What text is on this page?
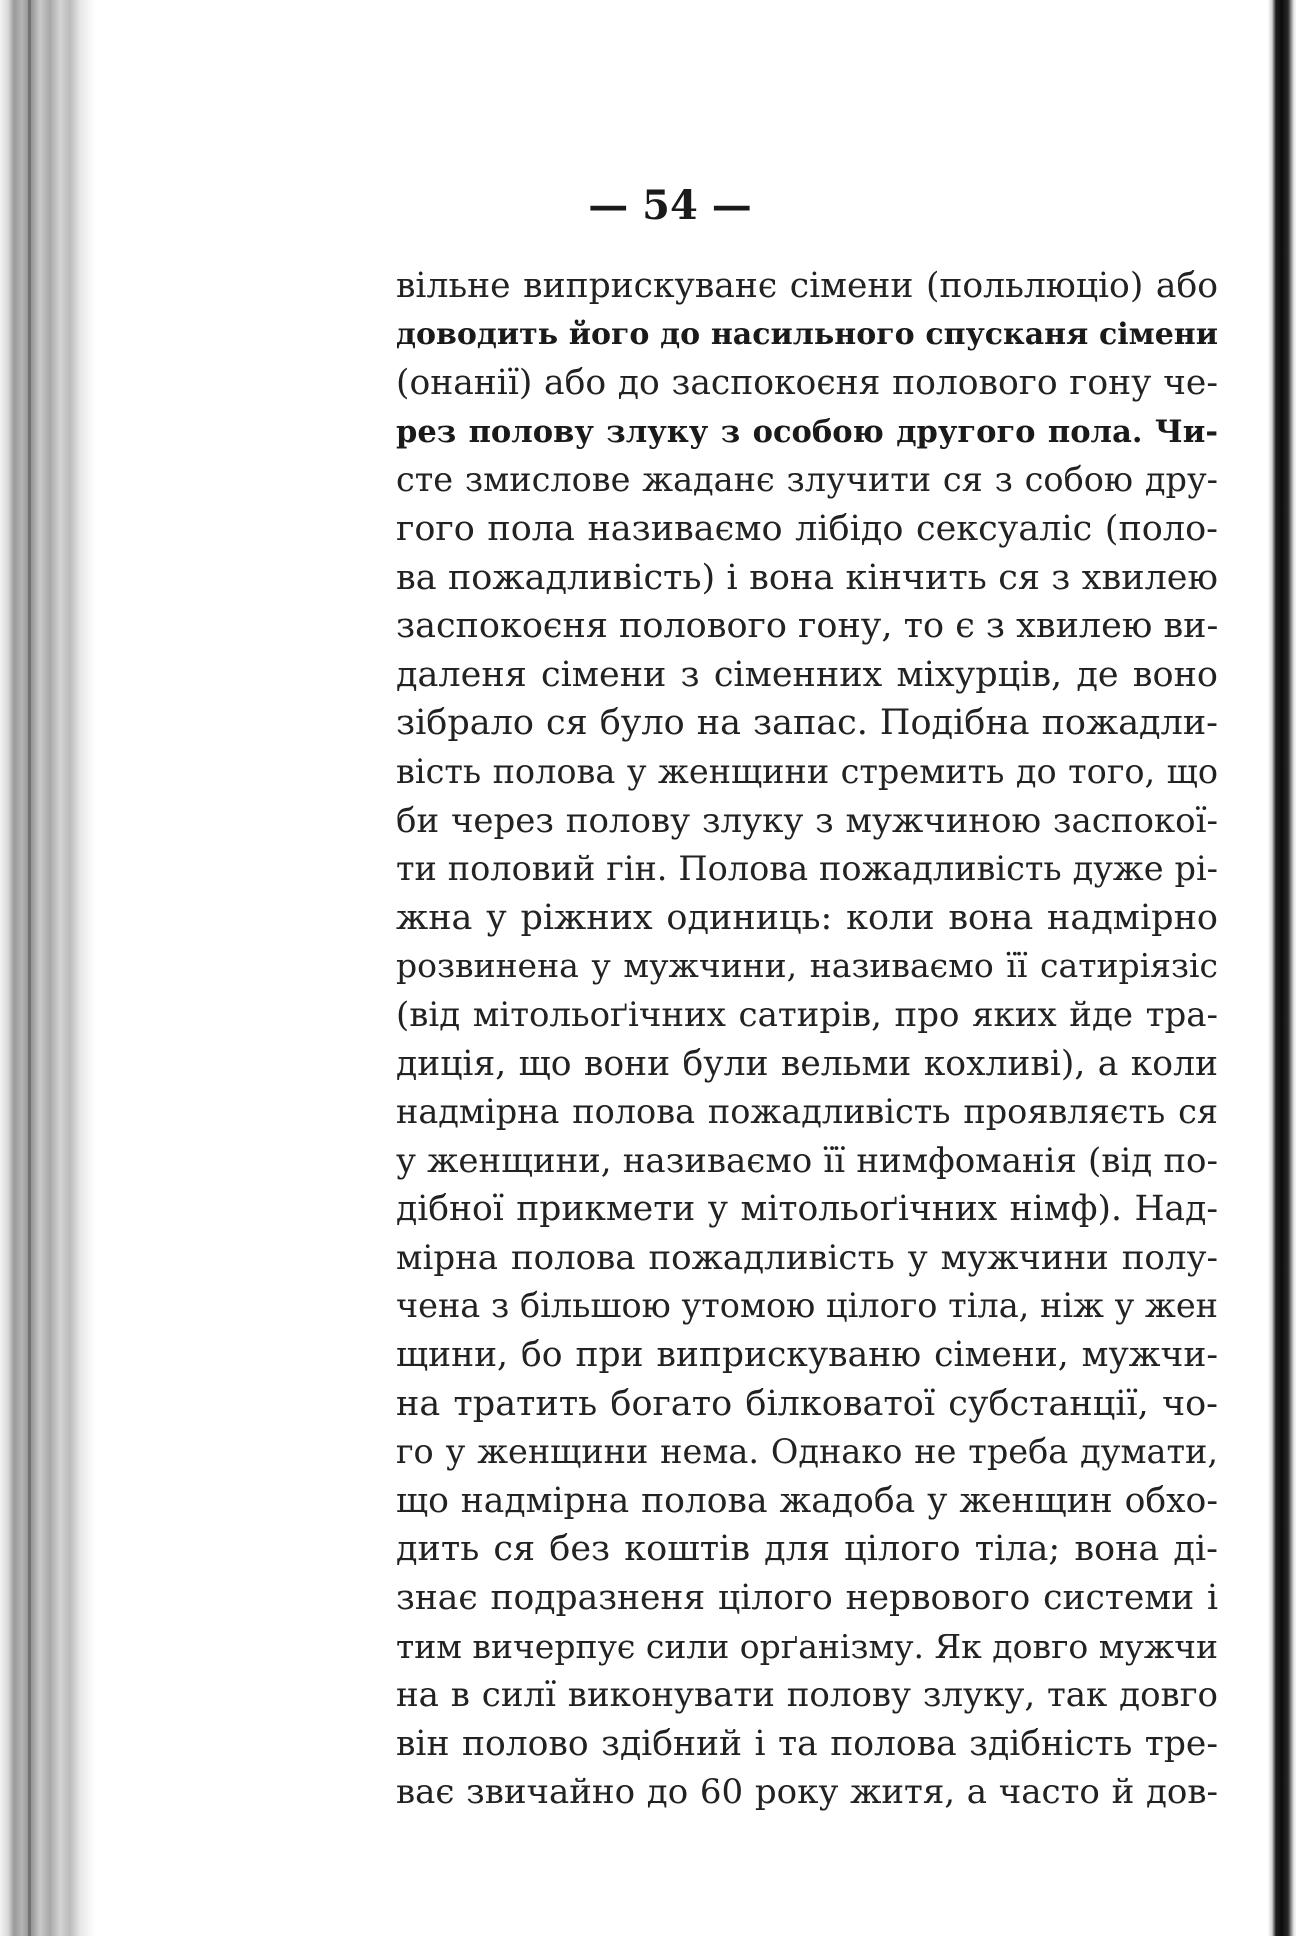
— 54 —
вільне виприскуванє сімени (польлюціо) або
доводить його до насильного спусканя сімени
(онанії) або до заспокоєня полового гону че-
рез полову злуку з особою другого пола. Чи-
сте змислове жаданє злучити ся з собою дру-
гого пола називаємо лібідо сексуаліс (поло-
ва пожадливість) і вона кінчить ся з хвилею
заспокоєня полового гону, то є з хвилею ви-
даленя сімени з сіменних міхурців, де воно
зібрало ся було на запас. Подібна пожадли-
вість полова у женщини стремить до того, що
би через полову злуку з мужчиною заспокої-
ти половий гін. Полова пожадливість дуже рі-
жна у ріжних одиниць: коли вона надмірно
розвинена у мужчини, називаємо її сатиріязіс
(від мітольоґічних сатирів, про яких йде тра-
диція, що вони були вельми кохливі), а коли
надмірна полова пожадливість проявляєть ся
у женщини, називаємо її нимфоманія (від по-
дібної прикмети у мітольоґічних німф). Над-
мірна полова пожадливість у мужчини полу-
чена з більшою утомою цілого тіла, ніж у жен
щини, бо при виприскуваню сімени, мужчи-
на тратить богато білковатої субстанції, чо-
го у женщини нема. Однако не треба думати,
що надмірна полова жадоба у женщин обхо-
дить ся без коштів для цілого тіла; вона ді-
знає подразненя цілого нервового системи і
тим вичерпує сили орґанізму. Як довго мужчи
на в силї виконувати полову злуку, так довго
він полово здібний і та полова здібність тре-
ває звичайно до 60 року житя, а часто й дов-
